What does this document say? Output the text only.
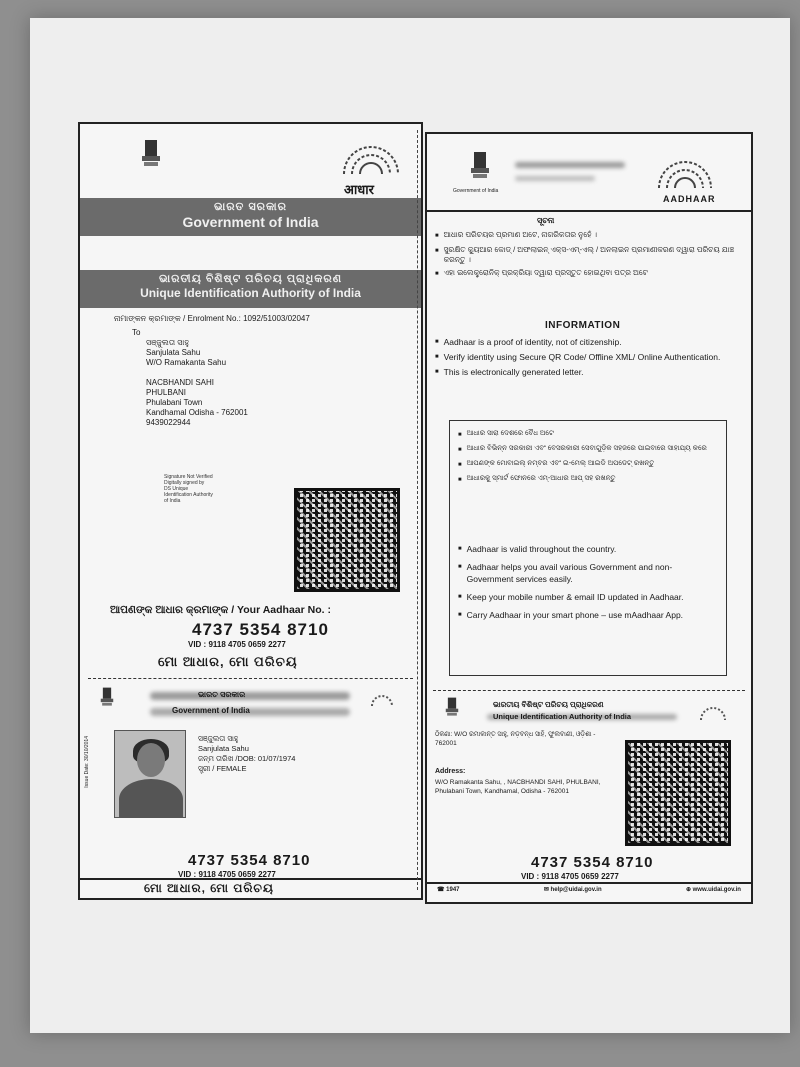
आधार
ଭାରତ ସରକାର
Government of India
ଭାରତୀୟ ବିଶିଷ୍ଟ ପରିଚୟ ପ୍ରାଧିକରଣ
Unique Identification Authority of India
ନାମାଙ୍କନ କ୍ରମାଙ୍କ / Enrolment No.: 1092/51003/02047
To
ସଞ୍ଜୁଲତା ସାହୁ
Sanjulata Sahu
W/O Ramakanta Sahu
NACBHANDI SAHI
PHULBANI
Phulabani Town
Kandhamal Odisha - 762001
9439022944
Signature Not Verified
Digitally signed by
DS Unique
Identification Authority
of India
ଆପଣଙ୍କ ଆଧାର କ୍ରମାଙ୍କ / Your Aadhaar No. :
4737 5354 8710
VID : 9118 4705 0659 2277
ମୋ ଆଧାର, ମୋ ପରିଚୟ
ଭାରତ ସରକାର
Government of India
Issue Date: 30/10/2014	ସଞ୍ଜୁଲତା ସାହୁ
Sanjulata Sahu
ଜନ୍ମ ତାରିଖ /DOB: 01/07/1974
ସ୍ତ୍ରୀ / FEMALE
4737 5354 8710
VID : 9118 4705 0659 2277
ମୋ ଆଧାର, ମୋ ପରିଚୟ
Government of India
AADHAAR
ସୂଚନା
■ ଆଧାର ପରିଚୟର ପ୍ରମାଣ ଅଟେ, ନାଗରିକତାର ନୁହେଁ ।
■ ସୁରକ୍ଷିତ କ୍ୟୁଆର କୋଡ୍ / ଅଫଲାଇନ୍ ଏକ୍ସ-ଏମ୍-ଏଲ୍ / ଅନଲାଇନ ପ୍ରମାଣୀକରଣ ଦ୍ୱାରା ପରିଚୟ ଯାଞ୍ଚ କରନ୍ତୁ ।
■ ଏହା ଇଲେକ୍ଟ୍ରୋନିକ୍ ପ୍ରକ୍ରିୟା ଦ୍ୱାରା ପ୍ରସ୍ତୁତ ହୋଇଥିବା ପତ୍ର ଅଟେ
INFORMATION
■ Aadhaar is a proof of identity, not of citizenship.
■ Verify identity using Secure QR Code/ Offline XML/ Online Authentication.
■ This is electronically generated letter.
■ ଆଧାର ସାରା ଦେଶରେ ବୈଧ ଅଟେ
■ ଆଧାର ବିଭିନ୍ନ ସରକାରୀ ଏବଂ ବେସରକାରୀ ସେବାଗୁଡ଼ିକ ସହଜରେ ପାଇବାରେ ସାହାଯ୍ୟ କରେ
■ ଆପଣଙ୍କ ମୋବାଇଲ୍ ନମ୍ବର ଏବଂ ଇ-ମେଲ୍ ଆଇଡି ଅପଡେଟ୍ ରଖନ୍ତୁ
■ ଆଧାରକୁ ସ୍ମାର୍ଟ ଫୋନରେ ଏମ୍-ଆଧାର ଆପ୍ ସହ ରଖନ୍ତୁ
■ Aadhaar is valid throughout the country.
■ Aadhaar helps you avail various Government and non-Government services easily.
■ Keep your mobile number & email ID updated in Aadhaar.
■ Carry Aadhaar in your smart phone – use mAadhaar App.
ଭାରତୀୟ ବିଶିଷ୍ଟ ପରିଚୟ ପ୍ରାଧିକରଣ
Unique Identification Authority of India
ଠିକଣା: W/O ରମାକାନ୍ତ ସାହୁ, ନଡ଼ବନ୍ଧ ସାହି, ଫୁଲବାଣୀ, ଓଡ଼ିଶା - 762001
Address:
W/O Ramakanta Sahu, , NACBHANDI SAHI, PHULBANI, Phulabani Town, Kandhamal, Odisha - 762001
4737 5354 8710
VID : 9118 4705 0659 2277
☎ 1947	✉ help@uidai.gov.in	⊕ www.uidai.gov.in
